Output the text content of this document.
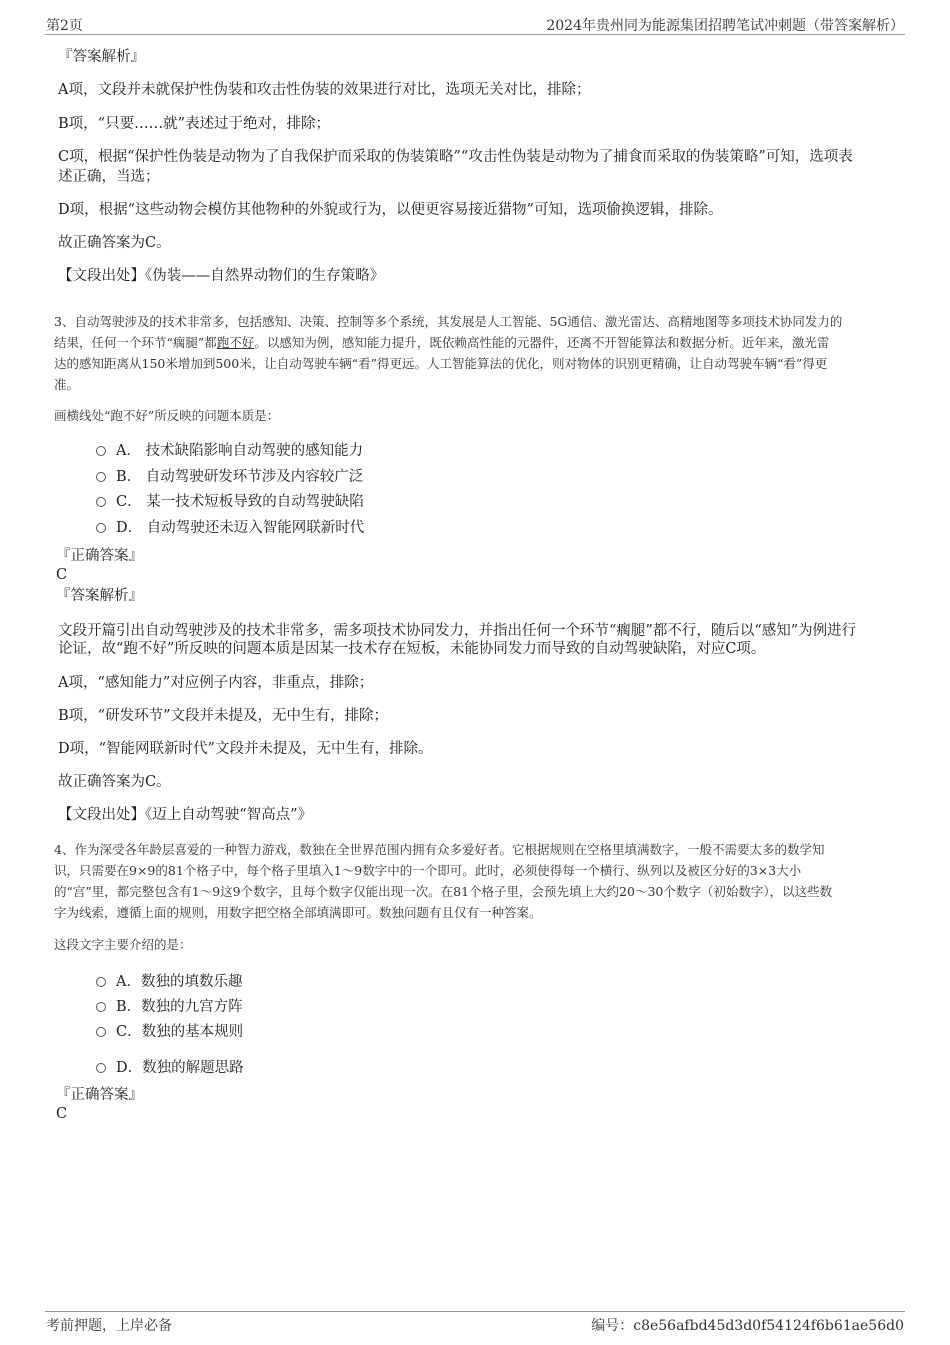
第2页	2024年贵州同为能源集团招聘笔试冲刺题（带答案解析）
『答案解析』
A项，文段并未就保护性伪装和攻击性伪装的效果进行对比，选项无关对比，排除；
B项，“只要……就”表述过于绝对，排除；
C项，根据“保护性伪装是动物为了自我保护而采取的伪装策略”“攻击性伪装是动物为了捕食而采取的伪装策略”可知，选项表
述正确，当选；
D项，根据“这些动物会模仿其他物种的外貌或行为，以便更容易接近猎物”可知，选项偷换逻辑，排除。
故正确答案为C。
【文段出处】《伪装——自然界动物们的生存策略》
3、自动驾驶涉及的技术非常多，包括感知、决策、控制等多个系统，其发展是人工智能、5G通信、激光雷达、高精地图等多项技术协同发力的
结果，任何一个环节“瘸腿”都跑不好。以感知为例，感知能力提升，既依赖高性能的元器件，还离不开智能算法和数据分析。近年来，激光雷
达的感知距离从150米增加到500米，让自动驾驶车辆“看”得更远。人工智能算法的优化，则对物体的识别更精确，让自动驾驶车辆“看”得更
准。
画横线处“跑不好”所反映的问题本质是：
A． 技术缺陷影响自动驾驶的感知能力
B． 自动驾驶研发环节涉及内容较广泛
C． 某一技术短板导致的自动驾驶缺陷
D． 自动驾驶还未迈入智能网联新时代
『正确答案』
C
『答案解析』
文段开篇引出自动驾驶涉及的技术非常多，需多项技术协同发力，并指出任何一个环节“瘸腿”都不行，随后以“感知”为例进行
论证，故“跑不好”所反映的问题本质是因某一技术存在短板，未能协同发力而导致的自动驾驶缺陷，对应C项。
A项，“感知能力”对应例子内容，非重点，排除；
B项，“研发环节”文段并未提及，无中生有，排除；
D项，“智能网联新时代”文段并未提及，无中生有，排除。
故正确答案为C。
【文段出处】《迈上自动驾驶“智高点”》
4、作为深受各年龄层喜爱的一种智力游戏，数独在全世界范围内拥有众多爱好者。它根据规则在空格里填满数字，一般不需要太多的数学知
识，只需要在9×9的81个格子中，每个格子里填入1～9数字中的一个即可。此时，必须使得每一个横行、纵列以及被区分好的3×3大小
的“宫”里，都完整包含有1～9这9个数字，且每个数字仅能出现一次。在81个格子里，会预先填上大约20～30个数字（初始数字），以这些数
字为线索，遵循上面的规则，用数字把空格全部填满即可。数独问题有且仅有一种答案。
这段文字主要介绍的是：
A．数独的填数乐趣
B．数独的九宫方阵
C．数独的基本规则
D．数独的解题思路
『正确答案』
C
考前押题，上岸必备	编号：c8e56afbd45d3d0f54124f6b61ae56d0
